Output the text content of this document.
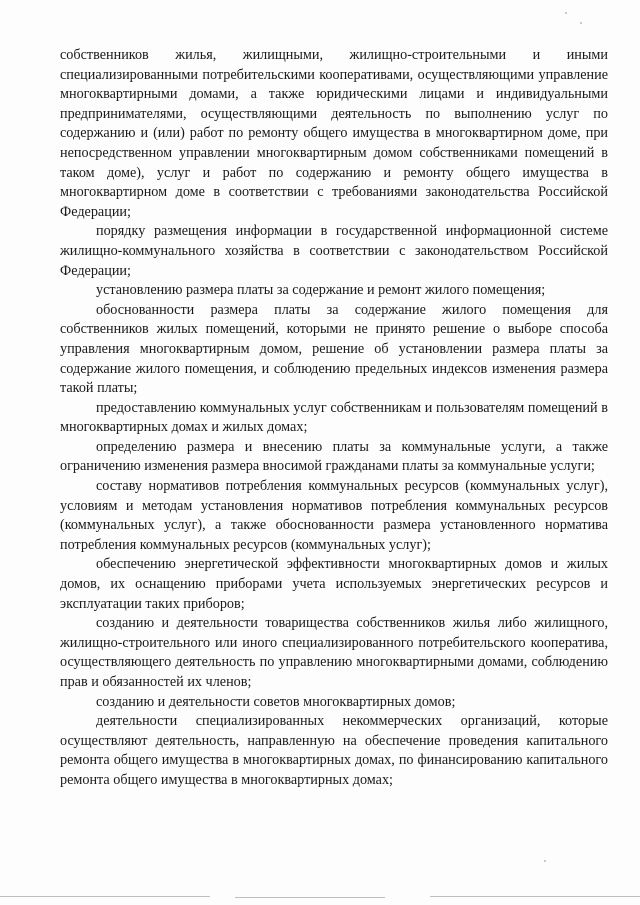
собственников жилья, жилищными, жилищно-строительными и иными специализированными потребительскими кооперативами, осуществляющими управление многоквартирными домами, а также юридическими лицами и индивидуальными предпринимателями, осуществляющими деятельность по выполнению услуг по содержанию и (или) работ по ремонту общего имущества в многоквартирном доме, при непосредственном управлении многоквартирным домом собственниками помещений в таком доме), услуг и работ по содержанию и ремонту общего имущества в многоквартирном доме в соответствии с требованиями законодательства Российской Федерации;

порядку размещения информации в государственной информационной системе жилищно-коммунального хозяйства в соответствии с законодательством Российской Федерации;

установлению размера платы за содержание и ремонт жилого помещения;

обоснованности размера платы за содержание жилого помещения для собственников жилых помещений, которыми не принято решение о выборе способа управления многоквартирным домом, решение об установлении размера платы за содержание жилого помещения, и соблюдению предельных индексов изменения размера такой платы;

предоставлению коммунальных услуг собственникам и пользователям помещений в многоквартирных домах и жилых домах;

определению размера и внесению платы за коммунальные услуги, а также ограничению изменения размера вносимой гражданами платы за коммунальные услуги;

составу нормативов потребления коммунальных ресурсов (коммунальных услуг), условиям и методам установления нормативов потребления коммунальных ресурсов (коммунальных услуг), а также обоснованности размера установленного норматива потребления коммунальных ресурсов (коммунальных услуг);

обеспечению энергетической эффективности многоквартирных домов и жилых домов, их оснащению приборами учета используемых энергетических ресурсов и эксплуатации таких приборов;

созданию и деятельности товарищества собственников жилья либо жилищного, жилищно-строительного или иного специализированного потребительского кооператива, осуществляющего деятельность по управлению многоквартирными домами, соблюдению прав и обязанностей их членов;

созданию и деятельности советов многоквартирных домов;

деятельности специализированных некоммерческих организаций, которые осуществляют деятельность, направленную на обеспечение проведения капитального ремонта общего имущества в многоквартирных домах, по финансированию капитального ремонта общего имущества в многоквартирных домах;
